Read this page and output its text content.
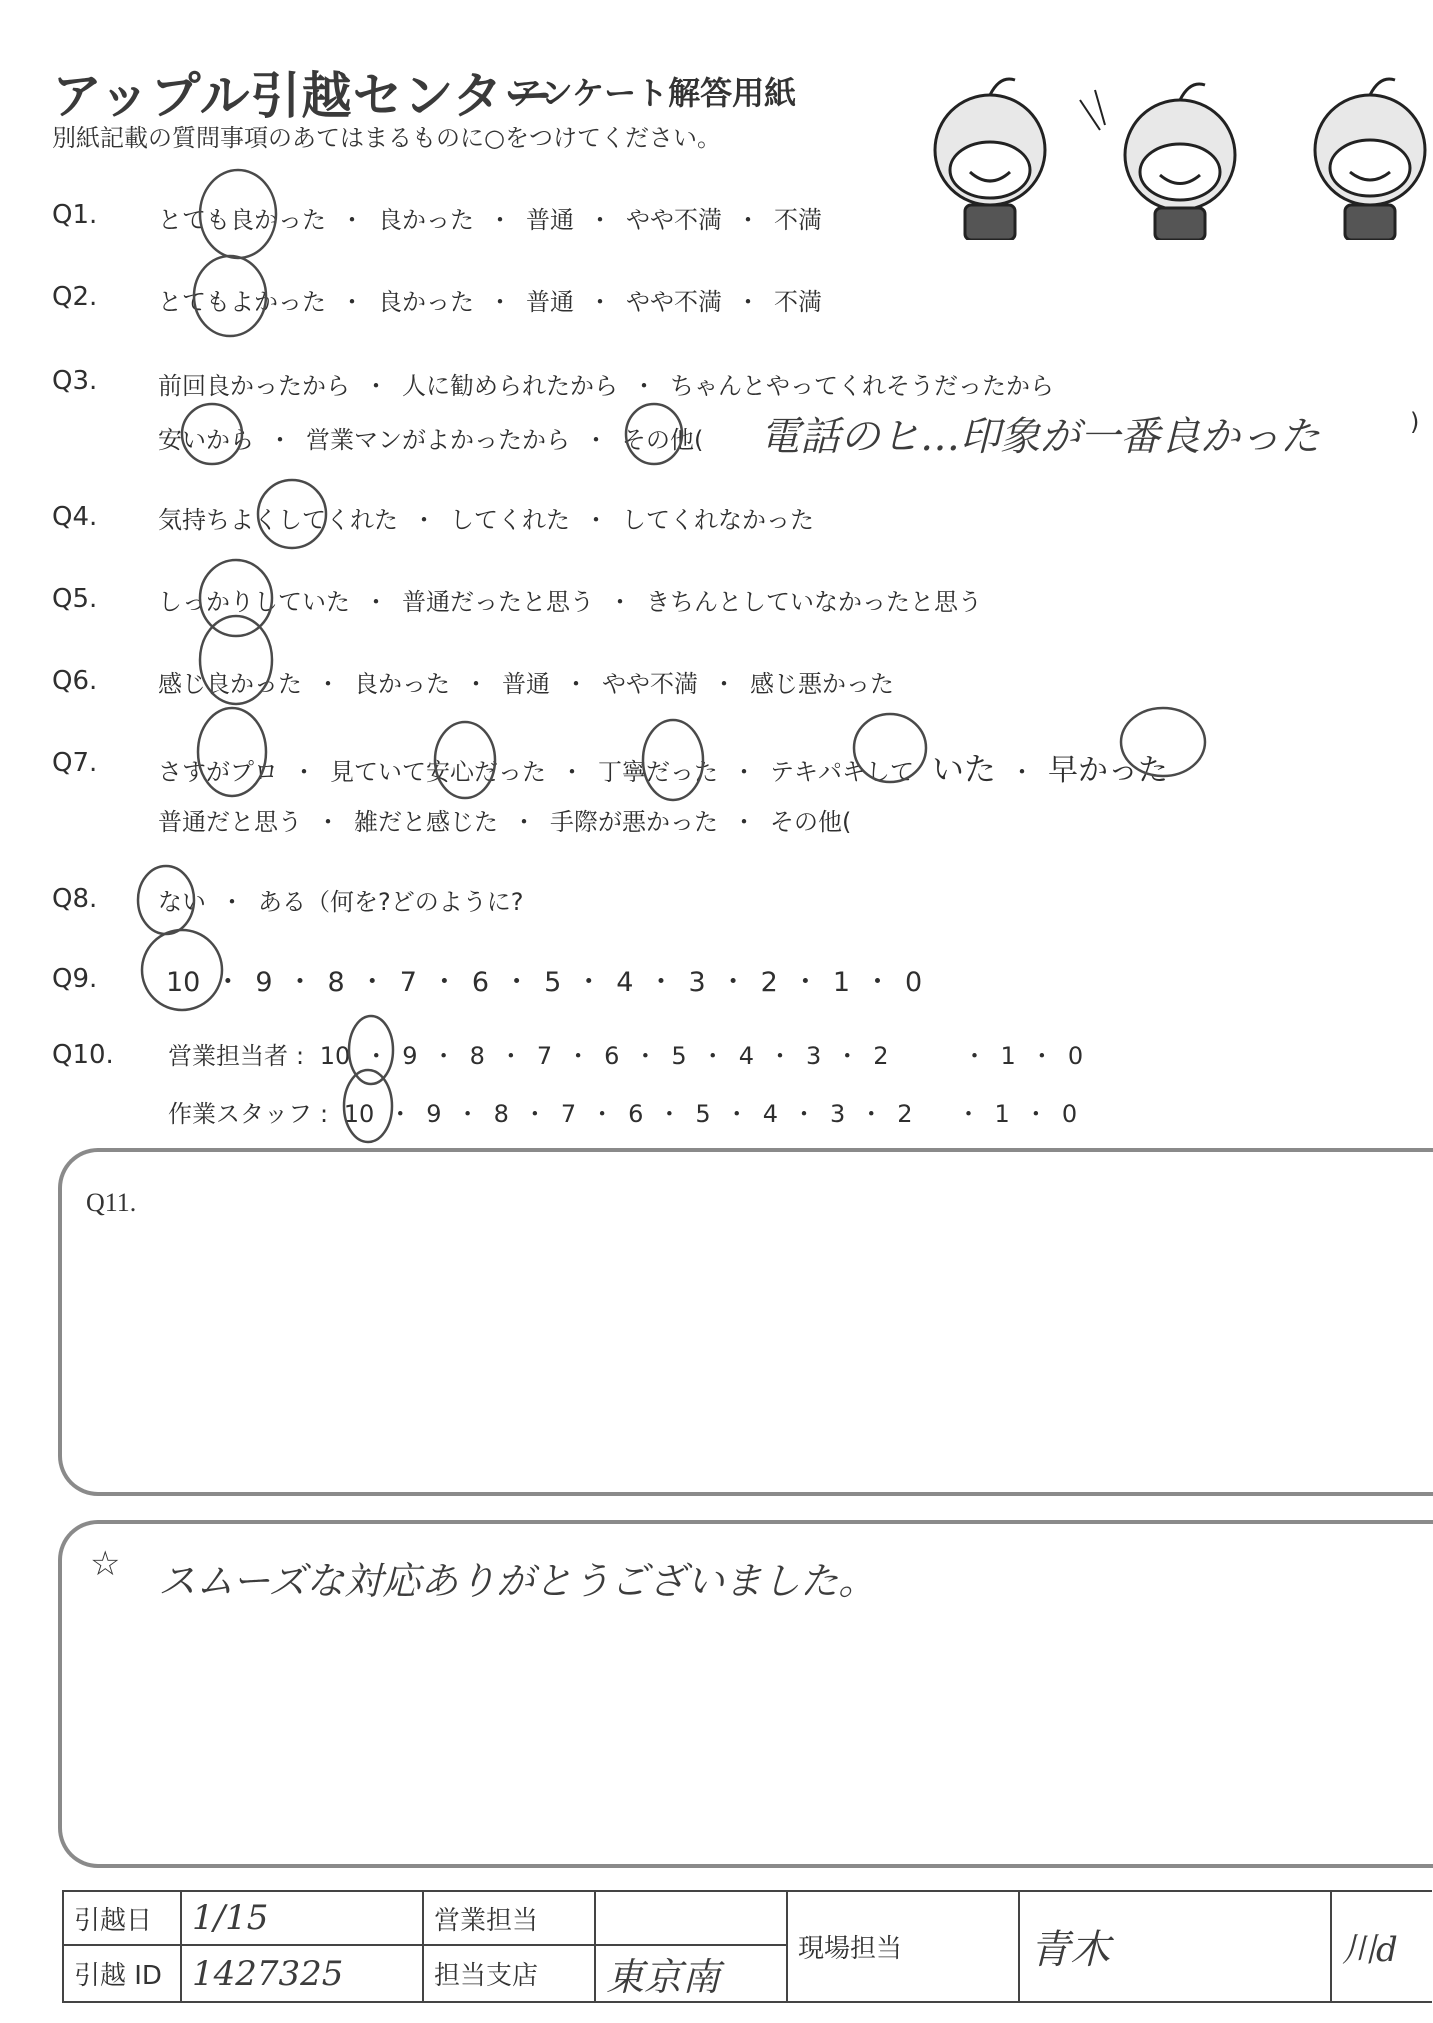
アップル引越センター
アンケート解答用紙
別紙記載の質問事項のあてはまるものに○をつけてください。
Q1.	とても良かった ・ 良かった ・ 普通 ・ やや不満 ・ 不満
Q2.	とてもよかった ・ 良かった ・ 普通 ・ やや不満 ・ 不満
Q3.	前回良かったから ・ 人に勧められたから ・ ちゃんとやってくれそうだったから
安いから ・ 営業マンがよかったから ・ その他( 電話のヒ…印象が一番良かった	)
Q4.	気持ちよくしてくれた ・ してくれた ・ してくれなかった
Q5.	しっかりしていた ・ 普通だったと思う ・ きちんとしていなかったと思う
Q6.	感じ良かった ・ 良かった ・ 普通 ・ やや不満 ・ 感じ悪かった
Q7.	さすがプロ ・ 見ていて安心だった ・ 丁寧だった ・ テキパキして いた ・ 早かった
普通だと思う ・ 雑だと感じた ・ 手際が悪かった ・ その他(
Q8.	ない ・ ある（何を?どのように?
Q9.	10 ・ 9 ・ 8 ・ 7 ・ 6 ・ 5 ・ 4 ・ 3 ・ 2 ・ 1 ・ 0
Q10. 営業担当者 : 10 ・ 9 ・ 8 ・ 7 ・ 6 ・ 5 ・ 4 ・ 3 ・ 2	・ 1 ・ 0
作業スタッフ : 10 ・ 9 ・ 8 ・ 7 ・ 6 ・ 5 ・ 4 ・ 3 ・ 2 ・ 1 ・ 0
Q11.
☆ スムーズな対応ありがとうございました。
引越日	1/15	営業担当		現場担当	青木	川d
引越 ID	1427325	担当支店	東京南			
